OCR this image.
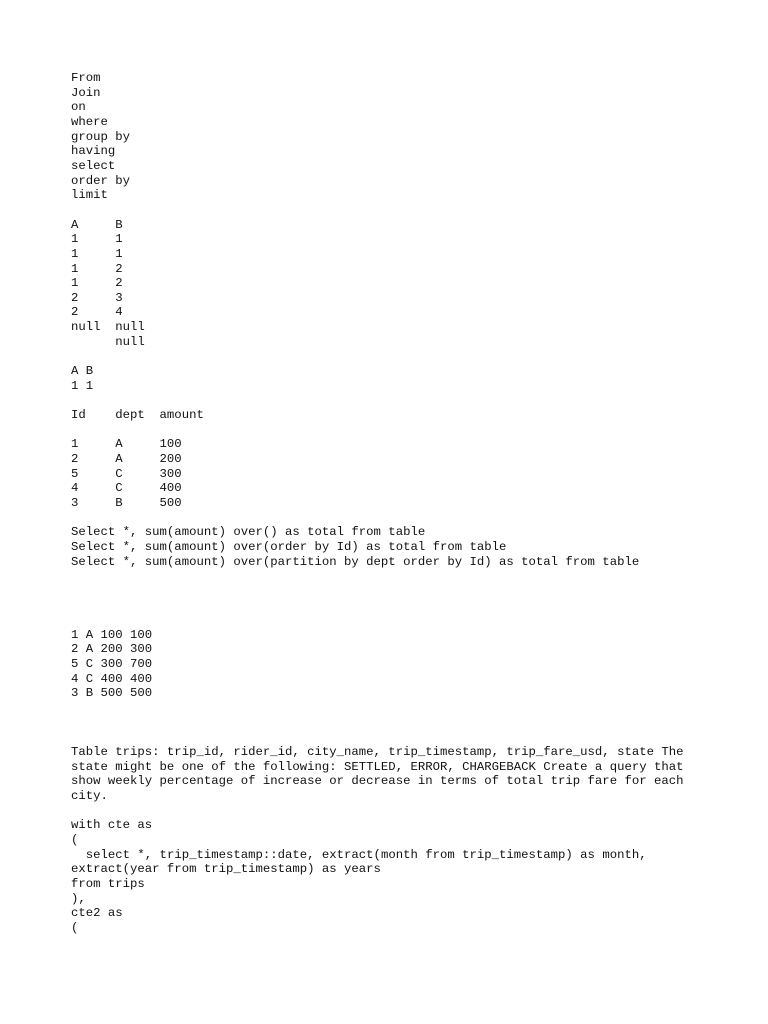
From
Join
on
where
group by
having
select
order by
limit
A     B
1     1
1     1
1     2
1     2
2     3
2     4
null  null
null
A B
1 1
Id    dept  amount
1     A     100
2     A     200
5     C     300
4     C     400
3     B     500
Select *, sum(amount) over() as total from table
Select *, sum(amount) over(order by Id) as total from table
Select *, sum(amount) over(partition by dept order by Id) as total from table
1 A 100 100
2 A 200 300
5 C 300 700
4 C 400 400
3 B 500 500
Table trips: trip_id, rider_id, city_name, trip_timestamp, trip_fare_usd, state The state might be one of the following: SETTLED, ERROR, CHARGEBACK Create a query that show weekly percentage of increase or decrease in terms of total trip fare for each city.
with cte as
(
select *, trip_timestamp::date, extract(month from trip_timestamp) as month, extract(year from trip_timestamp) as years
from trips
),
cte2 as
(
